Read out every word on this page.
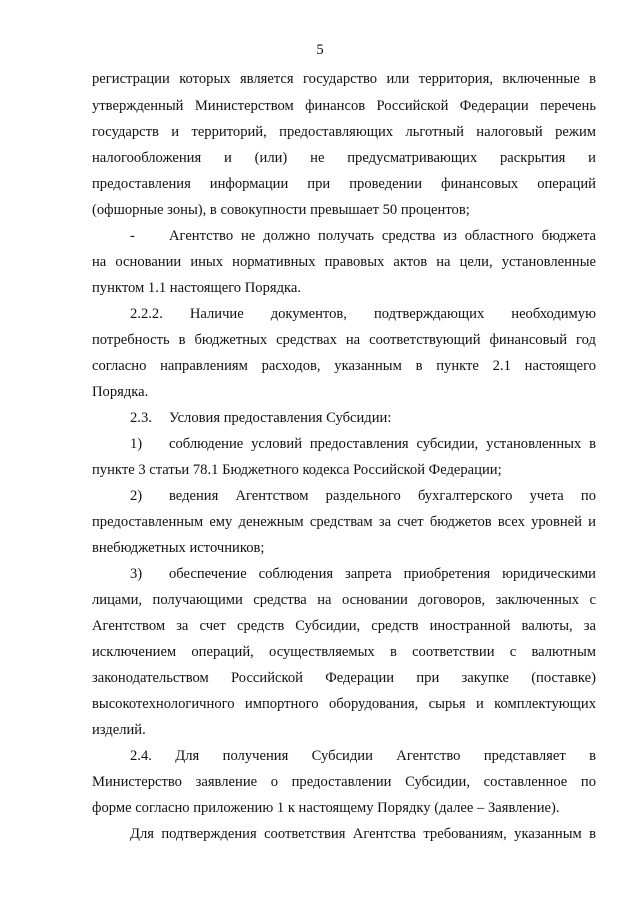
5
регистрации которых является государство или территория, включенные в
утвержденный Министерством финансов Российской Федерации перечень
государств и территорий, предоставляющих льготный налоговый режим
налогообложения и (или) не предусматривающих раскрытия и
предоставления информации при проведении финансовых операций
(офшорные зоны), в совокупности превышает 50 процентов;
- Агентство не должно получать средства из областного бюджета
на основании иных нормативных правовых актов на цели, установленные
пунктом 1.1 настоящего Порядка.
2.2.2. Наличие документов, подтверждающих необходимую
потребность в бюджетных средствах на соответствующий финансовый год
согласно направлениям расходов, указанным в пункте 2.1 настоящего
Порядка.
2.3. Условия предоставления Субсидии:
1) соблюдение условий предоставления субсидии, установленных в
пункте 3 статьи 78.1 Бюджетного кодекса Российской Федерации;
2) ведения Агентством раздельного бухгалтерского учета по
предоставленным ему денежным средствам за счет бюджетов всех уровней и
внебюджетных источников;
3) обеспечение соблюдения запрета приобретения юридическими
лицами, получающими средства на основании договоров, заключенных с
Агентством за счет средств Субсидии, средств иностранной валюты, за
исключением операций, осуществляемых в соответствии с валютным
законодательством Российской Федерации при закупке (поставке)
высокотехнологичного импортного оборудования, сырья и комплектующих
изделий.
2.4. Для получения Субсидии Агентство представляет в
Министерство заявление о предоставлении Субсидии, составленное по
форме согласно приложению 1 к настоящему Порядку (далее – Заявление).
Для подтверждения соответствия Агентства требованиям, указанным в
